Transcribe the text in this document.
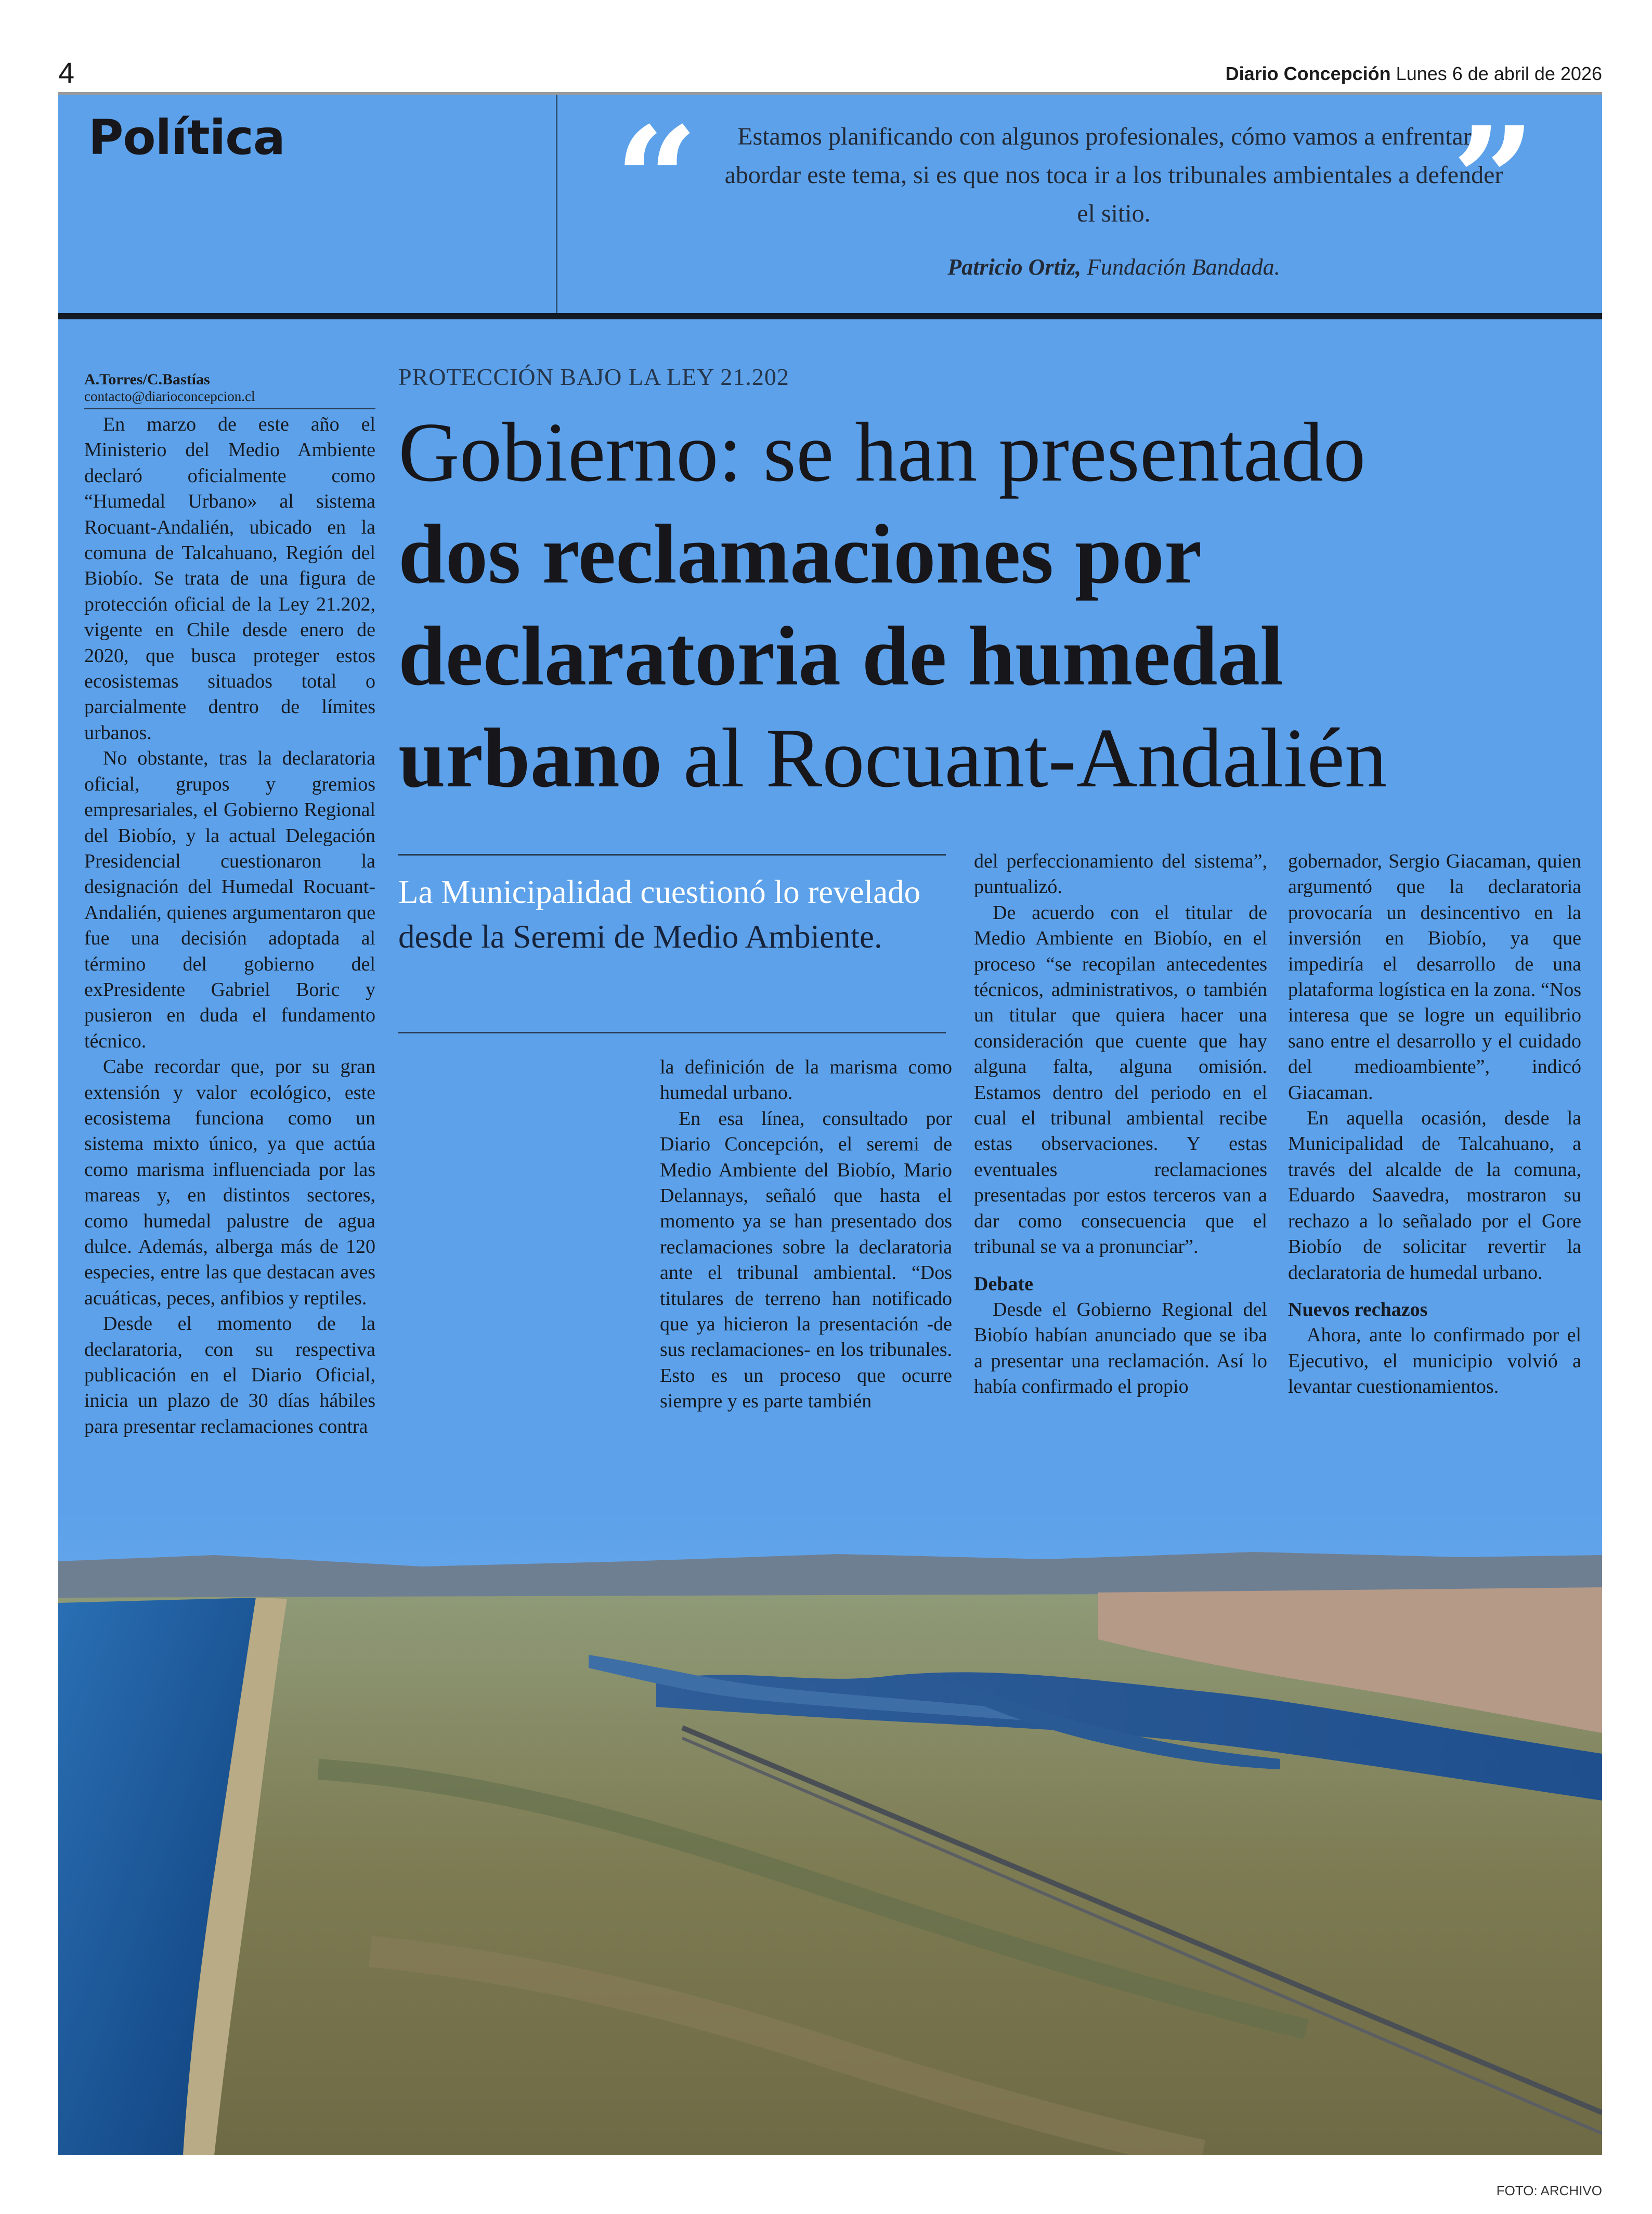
4	Diario Concepción Lunes 6 de abril de 2026
Política “	Estamos planificando con algunos profesionales, cómo vamos a enfrentar y abordar este tema, si es que nos toca ir a los tribunales ambientales a defender el sitio.	”
Patricio Ortiz, Fundación Bandada.
A.Torres/C.Bastías
contacto@diarioconcepcion.cl

En marzo de este año el Ministerio del Medio Ambiente declaró oficialmente como “Humedal Urbano» al sistema Rocuant-Andalién, ubicado en la comuna de Talcahuano, Región del Biobío. Se trata de una figura de protección oficial de la Ley 21.202, vigente en Chile desde enero de 2020, que busca proteger estos ecosistemas situados total o parcialmente dentro de límites urbanos.

No obstante, tras la declaratoria oficial, grupos y gremios empresariales, el Gobierno Regional del Biobío, y la actual Delegación Presidencial cuestionaron la designación del Humedal Rocuant-Andalién, quienes argumentaron que fue una decisión adoptada al término del gobierno del exPresidente Gabriel Boric y pusieron en duda el fundamento técnico.

Cabe recordar que, por su gran extensión y valor ecológico, este ecosistema funciona como un sistema mixto único, ya que actúa como marisma influenciada por las mareas y, en distintos sectores, como humedal palustre de agua dulce. Además, alberga más de 120 especies, entre las que destacan aves acuáticas, peces, anfibios y reptiles.

Desde el momento de la declaratoria, con su respectiva publicación en el Diario Oficial, inicia un plazo de 30 días hábiles para presentar reclamaciones contra

PROTECCIÓN BAJO LA LEY 21.202
Gobierno: se han presentado
dos reclamaciones por
declaratoria de humedal
urbano al Rocuant-Andalién
La Municipalidad cuestionó lo revelado desde la Seremi de Medio Ambiente.

la definición de la marisma como humedal urbano.

En esa línea, consultado por Diario Concepción, el seremi de Medio Ambiente del Biobío, Mario Delannays, señaló que hasta el momento ya se han presentado dos reclamaciones sobre la declaratoria ante el tribunal ambiental. “Dos titulares de terreno han notificado que ya hicieron la presentación -de sus reclamaciones- en los tribunales. Esto es un proceso que ocurre siempre y es parte también

del perfeccionamiento del sistema”, puntualizó.

De acuerdo con el titular de Medio Ambiente en Biobío, en el proceso “se recopilan antecedentes técnicos, administrativos, o también un titular que quiera hacer una consideración que cuente que hay alguna falta, alguna omisión. Estamos dentro del periodo en el cual el tribunal ambiental recibe estas observaciones. Y estas eventuales reclamaciones presentadas por estos terceros van a dar como consecuencia que el tribunal se va a pronunciar”.

Debate

Desde el Gobierno Regional del Biobío habían anunciado que se iba a presentar una reclamación. Así lo había confirmado el propio

gobernador, Sergio Giacaman, quien argumentó que la declaratoria provocaría un desincentivo en la inversión en Biobío, ya que impediría el desarrollo de una plataforma logística en la zona. “Nos interesa que se logre un equilibrio sano entre el desarrollo y el cuidado del medioambiente”, indicó Giacaman.

En aquella ocasión, desde la Municipalidad de Talcahuano, a través del alcalde de la comuna, Eduardo Saavedra, mostraron su rechazo a lo señalado por el Gore Biobío de solicitar revertir la declaratoria de humedal urbano.

Nuevos rechazos

Ahora, ante lo confirmado por el Ejecutivo, el municipio volvió a levantar cuestionamientos.

FOTO: ARCHIVO
